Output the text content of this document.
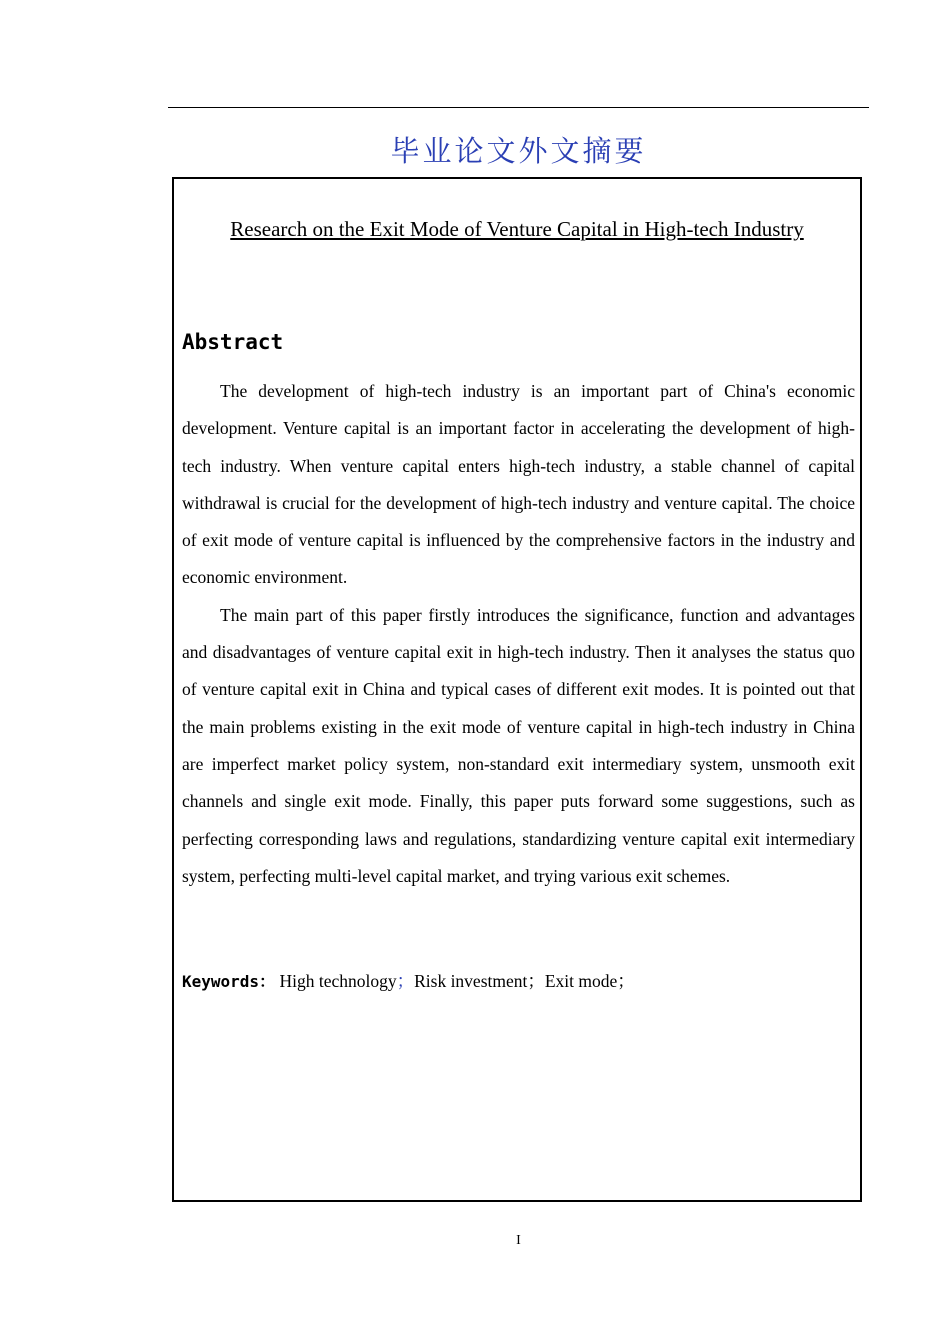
毕业论文外文摘要
Research on the Exit Mode of Venture Capital in High-tech Industry
Abstract

The development of high-tech industry is an important part of China's economic development. Venture capital is an important factor in accelerating the development of high-tech industry. When venture capital enters high-tech industry, a stable channel of capital withdrawal is crucial for the development of high-tech industry and venture capital. The choice of exit mode of venture capital is influenced by the comprehensive factors in the industry and economic environment.

The main part of this paper firstly introduces the significance, function and advantages and disadvantages of venture capital exit in high-tech industry. Then it analyses the status quo of venture capital exit in China and typical cases of different exit modes. It is pointed out that the main problems existing in the exit mode of venture capital in high-tech industry in China are imperfect market policy system, non-standard exit intermediary system, unsmooth exit channels and single exit mode. Finally, this paper puts forward some suggestions, such as perfecting corresponding laws and regulations, standardizing venture capital exit intermediary system, perfecting multi-level capital market, and trying various exit schemes.

Keywords： High technology；Risk investment；Exit mode；
I
